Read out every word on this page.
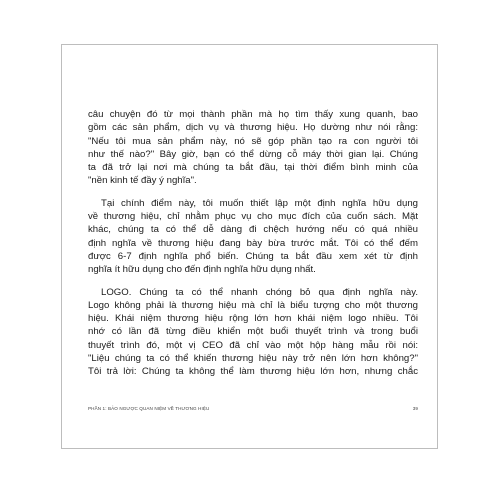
câu chuyện đó từ mọi thành phần mà họ tìm thấy xung quanh, bao
gồm các sản phẩm, dịch vụ và thương hiệu. Họ dường như nói rằng:
"Nếu tôi mua sản phẩm này, nó sẽ góp phần tạo ra con người tôi
như thế nào?" Bây giờ, bạn có thể dừng cỗ máy thời gian lại. Chúng
ta đã trở lại nơi mà chúng ta bắt đầu, tại thời điểm bình minh của
"nền kinh tế đầy ý nghĩa".

Tại chính điểm này, tôi muốn thiết lập một định nghĩa hữu dụng
về thương hiệu, chỉ nhằm phục vụ cho mục đích của cuốn sách. Mặt
khác, chúng ta có thể dễ dàng đi chệch hướng nếu có quá nhiều
định nghĩa về thương hiệu đang bày bừa trước mắt. Tôi có thể đếm
được 6-7 định nghĩa phổ biến. Chúng ta bắt đầu xem xét từ định
nghĩa ít hữu dụng cho đến định nghĩa hữu dụng nhất.

LOGO. Chúng ta có thể nhanh chóng bỏ qua định nghĩa này.
Logo không phải là thương hiệu mà chỉ là biểu tượng cho một thương
hiệu. Khái niệm thương hiệu rộng lớn hơn khái niệm logo nhiều. Tôi
nhớ có lần đã từng điều khiển một buổi thuyết trình và trong buổi
thuyết trình đó, một vị CEO đã chỉ vào một hộp hàng mẫu rồi nói:
"Liệu chúng ta có thể khiến thương hiệu này trở nên lớn hơn không?"
Tôi trả lời: Chúng ta không thể làm thương hiệu lớn hơn, nhưng chắc

PHẦN 1: BẢO NGƯỢC QUAN NIỆM VỀ THƯƠNG HIỆU	39
